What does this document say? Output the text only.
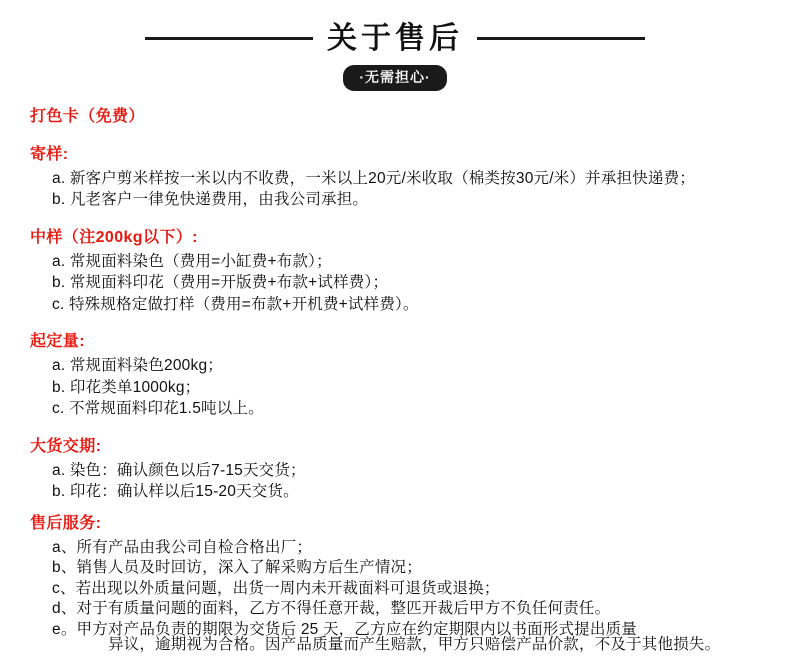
关于售后
·无需担心·
打色卡（免费）
寄样:
a. 新客户剪米样按一米以内不收费，一米以上20元/米收取（棉类按30元/米）并承担快递费；
b. 凡老客户一律免快递费用，由我公司承担。
中样（注200kg以下）:
a. 常规面料染色（费用=小缸费+布款）；
b. 常规面料印花（费用=开版费+布款+试样费）；
c. 特殊规格定做打样（费用=布款+开机费+试样费）。
起定量:
a. 常规面料染色200kg；
b. 印花类单1000kg；
c. 不常规面料印花1.5吨以上。
大货交期:
a. 染色：确认颜色以后7-15天交货；
b. 印花：确认样以后15-20天交货。
售后服务:
a、所有产品由我公司自检合格出厂；
b、销售人员及时回访，深入了解采购方后生产情况；
c、若出现以外质量问题，出货一周内未开裁面料可退货或退换；
d、对于有质量问题的面料，乙方不得任意开裁，整匹开裁后甲方不负任何责任。
e。甲方对产品负责的期限为交货后 25 天，乙方应在约定期限内以书面形式提出质量
异议，逾期视为合格。因产品质量而产生赔款，甲方只赔偿产品价款，不及于其他损失。
